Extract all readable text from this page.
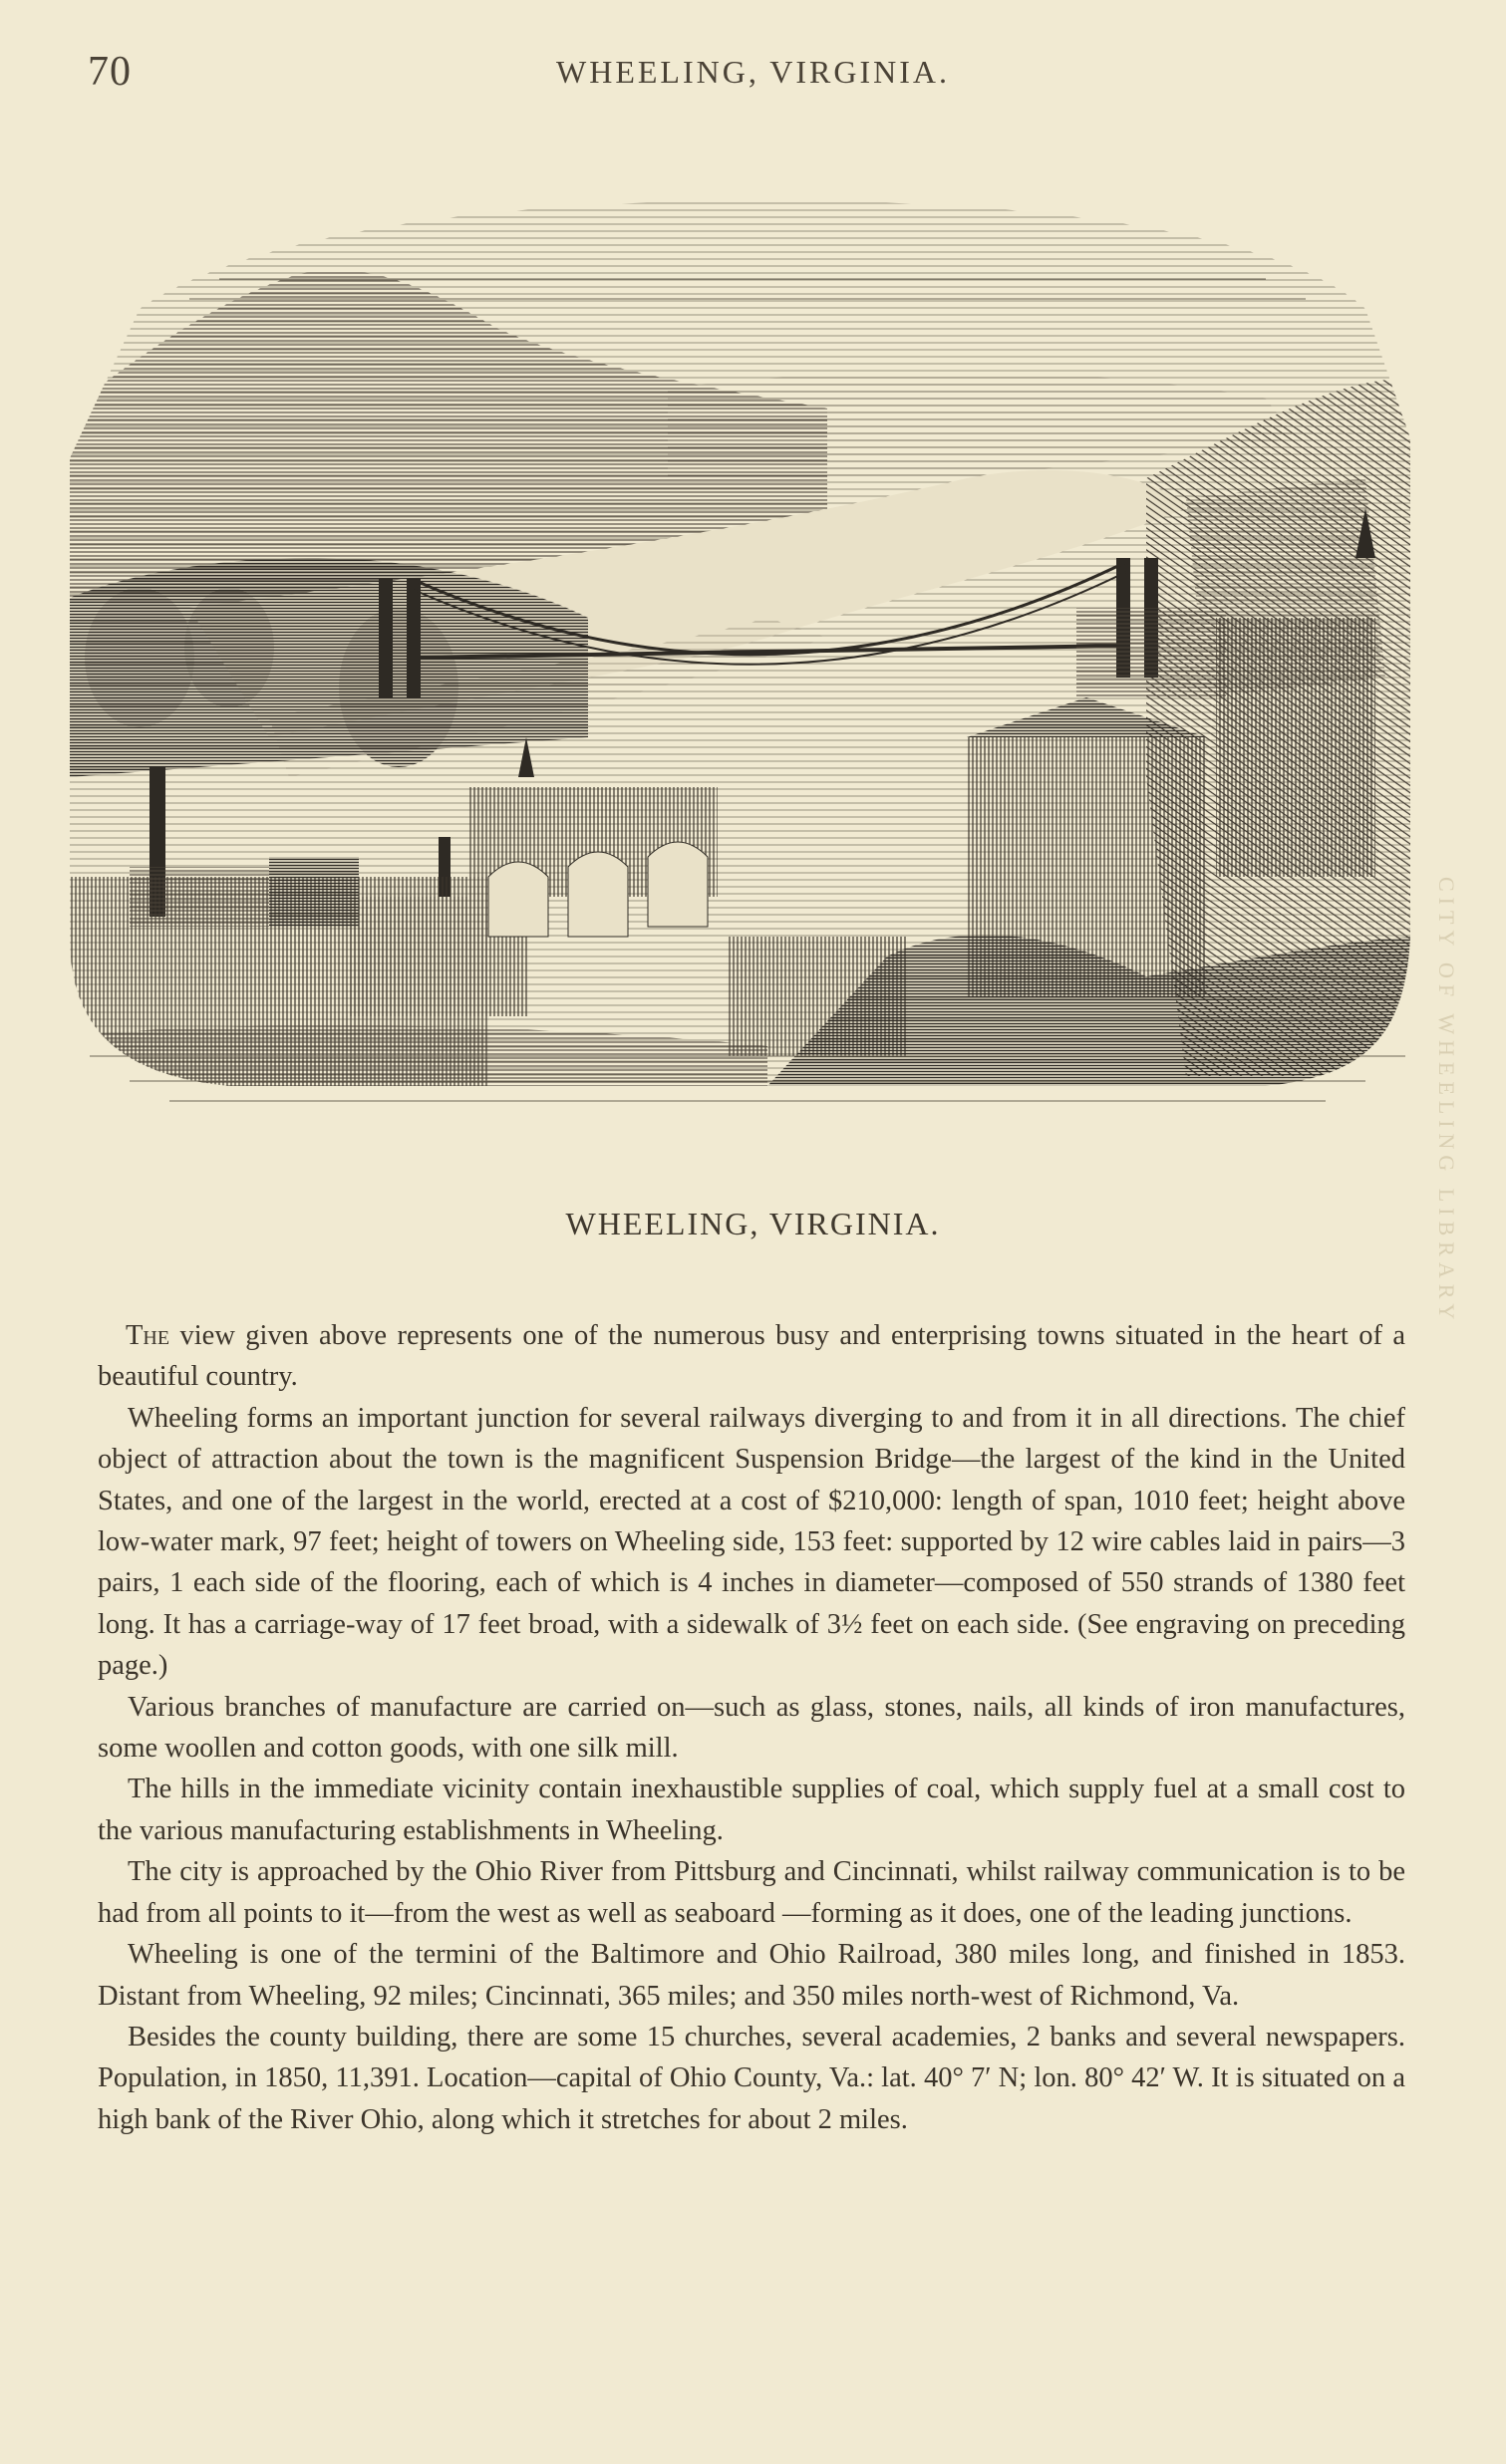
70	WHEELING, VIRGINIA.
WHEELING, VIRGINIA.

The view given above represents one of the numerous busy and enterprising towns situated in the heart of a beautiful country.

Wheeling forms an important junction for several railways diverging to and from it in all directions. The chief object of attraction about the town is the magnificent Suspension Bridge—the largest of the kind in the United States, and one of the largest in the world, erected at a cost of $210,000: length of span, 1010 feet; height above low-water mark, 97 feet; height of towers on Wheeling side, 153 feet: supported by 12 wire cables laid in pairs—3 pairs, 1 each side of the flooring, each of which is 4 inches in diameter—composed of 550 strands of 1380 feet long. It has a carriage-way of 17 feet broad, with a sidewalk of 3½ feet on each side. (See engraving on preceding page.)

Various branches of manufacture are carried on—such as glass, stones, nails, all kinds of iron manufactures, some woollen and cotton goods, with one silk mill.

The hills in the immediate vicinity contain inexhaustible supplies of coal, which supply fuel at a small cost to the various manufacturing establishments in Wheeling.

The city is approached by the Ohio River from Pittsburg and Cincinnati, whilst railway communication is to be had from all points to it—from the west as well as seaboard —forming as it does, one of the leading junctions.

Wheeling is one of the termini of the Baltimore and Ohio Railroad, 380 miles long, and finished in 1853. Distant from Wheeling, 92 miles; Cincinnati, 365 miles; and 350 miles north-west of Richmond, Va.

Besides the county building, there are some 15 churches, several academies, 2 banks and several newspapers. Population, in 1850, 11,391. Location—capital of Ohio County, Va.: lat. 40° 7′ N; lon. 80° 42′ W. It is situated on a high bank of the River Ohio, along which it stretches for about 2 miles.

CITY OF WHEELING LIBRARY
